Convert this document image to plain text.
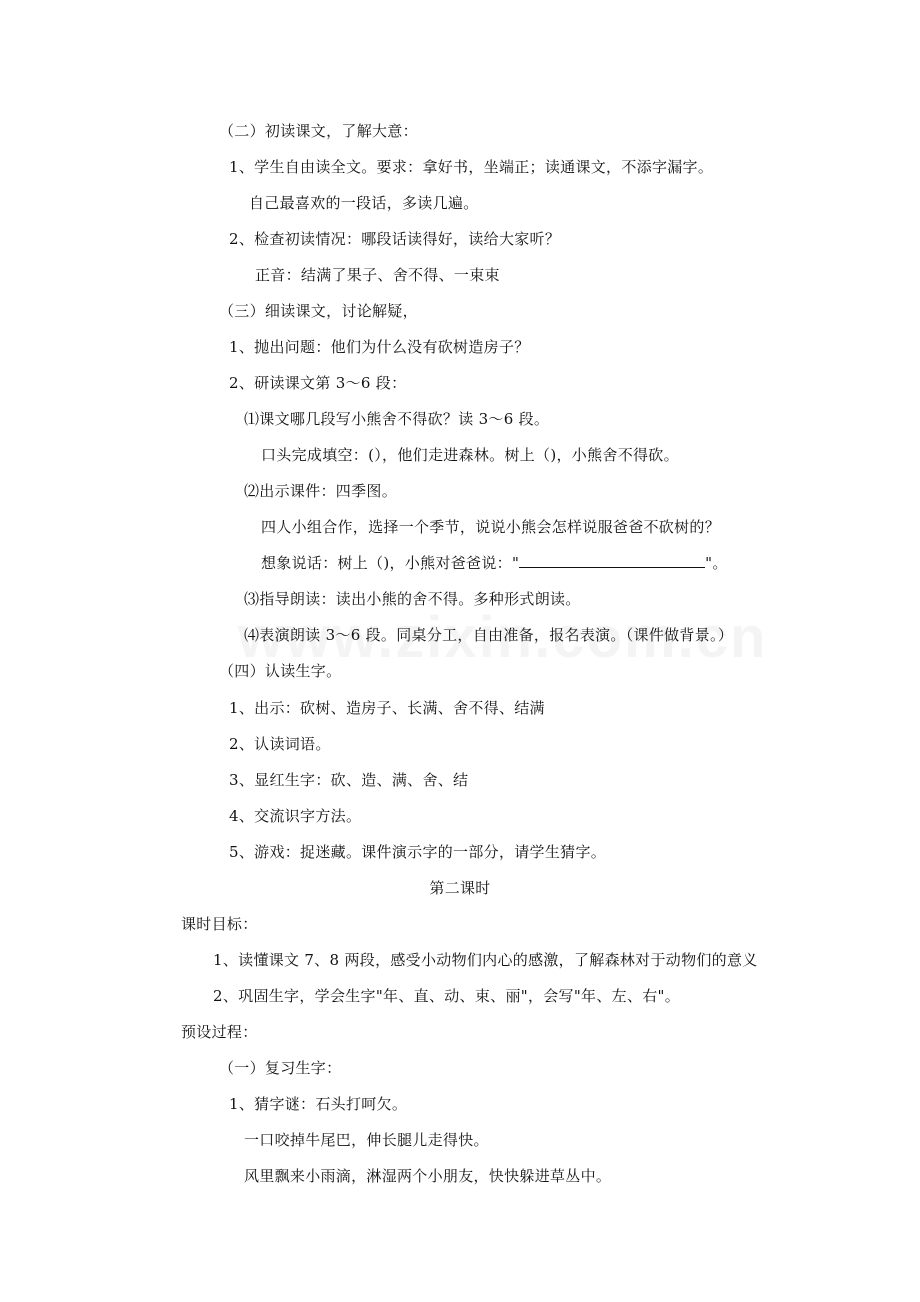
（二）初读课文，了解大意：
1、学生自由读全文。要求：拿好书，坐端正；读通课文，不添字漏字。
自己最喜欢的一段话，多读几遍。
2、检查初读情况：哪段话读得好，读给大家听？
正音：结满了果子、舍不得、一束束
（三）细读课文，讨论解疑，
1、抛出问题：他们为什么没有砍树造房子？
2、研读课文第 3～6 段：
⑴课文哪几段写小熊舍不得砍？读 3～6 段。
口头完成填空：(），他们走进森林。树上（)，小熊舍不得砍。
⑵出示课件：四季图。
四人小组合作，选择一个季节，说说小熊会怎样说服爸爸不砍树的？
想象说话：树上（)，小熊对爸爸说："	"。
⑶指导朗读：读出小熊的舍不得。多种形式朗读。
⑷表演朗读 3～6 段。同桌分工，自由准备，报名表演。（课件做背景。）
（四）认读生字。
1、出示：砍树、造房子、长满、舍不得、结满
2、认读词语。
3、显红生字：砍、造、满、舍、结
4、交流识字方法。
5、游戏：捉迷藏。课件演示字的一部分，请学生猜字。
第二课时
课时目标：
1、读懂课文 7、8 两段，感受小动物们内心的感激，了解森林对于动物们的意义
2、巩固生字，学会生字"年、直、动、束、丽"，会写"年、左、右"。
预设过程：
（一）复习生字：
1、猜字谜：石头打呵欠。
一口咬掉牛尾巴，伸长腿儿走得快。
风里飘来小雨滴，淋湿两个小朋友，快快躲进草丛中。
